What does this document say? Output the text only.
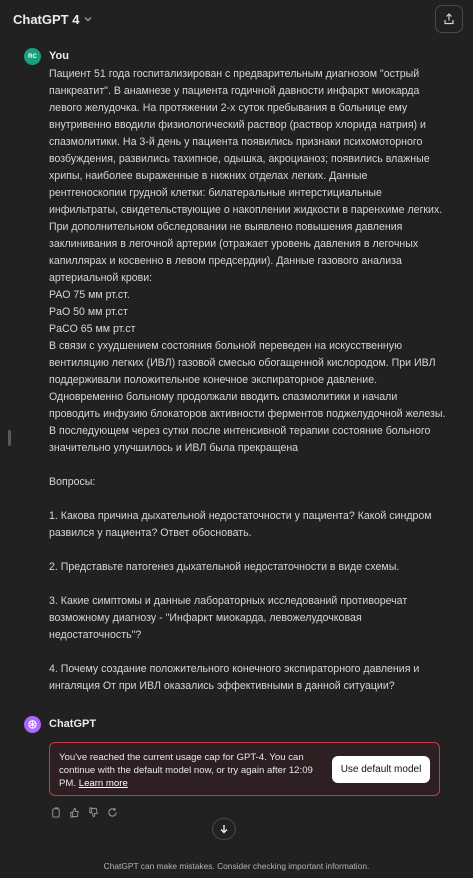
ChatGPT 4
RC	You
Пациент 51 года госпитализирован с предварительным диагнозом "острый панкреатит". В анамнезе у пациента годичной давности инфаркт миокарда левого желудочка. На протяжении 2-х суток пребывания в больнице ему внутривенно вводили физиологический раствор (раствор хлорида натрия) и спазмолитики. На 3-й день у пациента появились признаки психомоторного возбуждения, развились тахипное, одышка, акроцианоз; появились влажные хрипы, наиболее выраженные в нижних отделах легких. Данные рентгеноскопии грудной клетки: билатеральные интерстициальные инфильтраты, свидетельствующие о накоплении жидкости в паренхиме легких. При дополнительном обследовании не выявлено повышения давления заклинивания в легочной артерии (отражает уровень давления в легочных капиллярах и косвенно в левом предсердии). Данные газового анализа артериальной крови:
РАО 75 мм рт.ст.
PaO 50 мм рт.ст
PaCO 65 мм рт.ст
В связи с ухудшением состояния больной переведен на искусственную вентиляцию легких (ИВЛ) газовой смесью обогащенной кислородом. При ИВЛ поддерживали положительное конечное экспираторное давление. Одновременно больному продолжали вводить спазмолитики и начали проводить инфузию блокаторов активности ферментов поджелудочной железы. В последующем через сутки после интенсивной терапии состояние больного значительно улучшилось и ИВЛ была прекращена

Вопросы:

1. Какова причина дыхательной недостаточности у пациента? Какой синдром развился у пациента? Ответ обосновать.

2. Представьте патогенез дыхательной недостаточности в виде схемы.

3. Какие симптомы и данные лабораторных исследований противоречат возможному диагнозу - "Инфаркт миокарда, левожелудочковая недостаточность"?

4. Почему создание положительного конечного экспираторного давления и ингаляция От при ИВЛ оказались эффективными в данной ситуации?
ChatGPT
You've reached the current usage cap for GPT-4. You can continue with the default model now, or try again after 12:09 PM. Learn more
Use default model
ChatGPT can make mistakes. Consider checking important information.
